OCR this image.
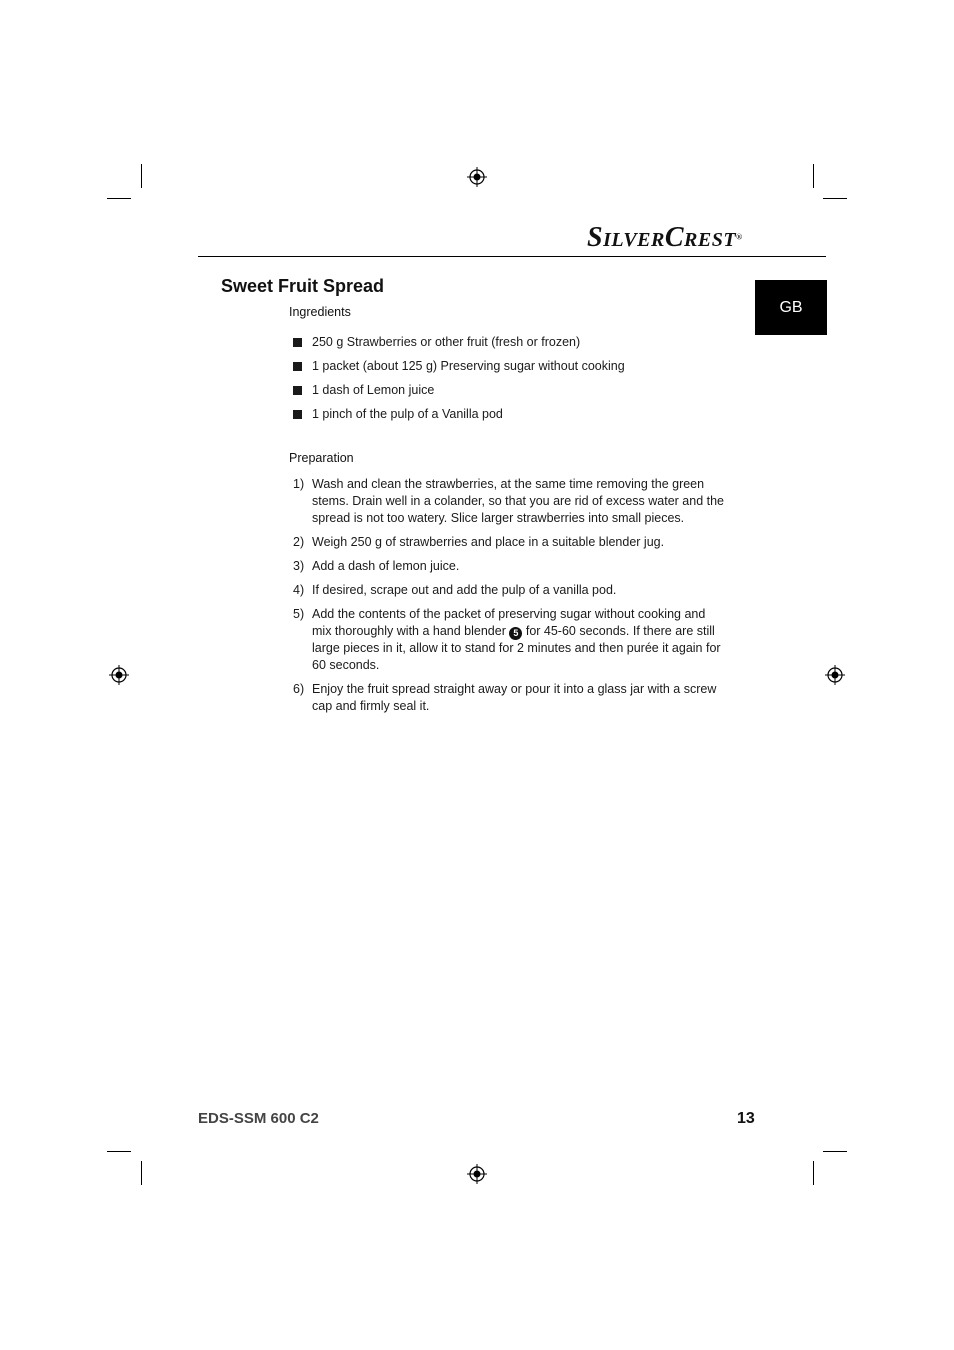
SILVERCREST®
GB
Sweet Fruit Spread
Ingredients
250 g Strawberries or other fruit (fresh or frozen)
1 packet (about 125 g) Preserving sugar without cooking
1 dash of Lemon juice
1 pinch of the pulp of a Vanilla pod
Preparation
1) Wash and clean the strawberries, at the same time removing the green stems. Drain well in a colander, so that you are rid of excess water and the spread is not too watery. Slice larger strawberries into small pieces.
2) Weigh 250 g of strawberries and place in a suitable blender jug.
3) Add a dash of lemon juice.
4) If desired, scrape out and add the pulp of a vanilla pod.
5) Add the contents of the packet of preserving sugar without cooking and mix thoroughly with a hand blender 5 for 45-60 seconds. If there are still large pieces in it, allow it to stand for 2 minutes and then purée it again for 60 seconds.
6) Enjoy the fruit spread straight away or pour it into a glass jar with a screw cap and firmly seal it.
EDS-SSM 600 C2	13
